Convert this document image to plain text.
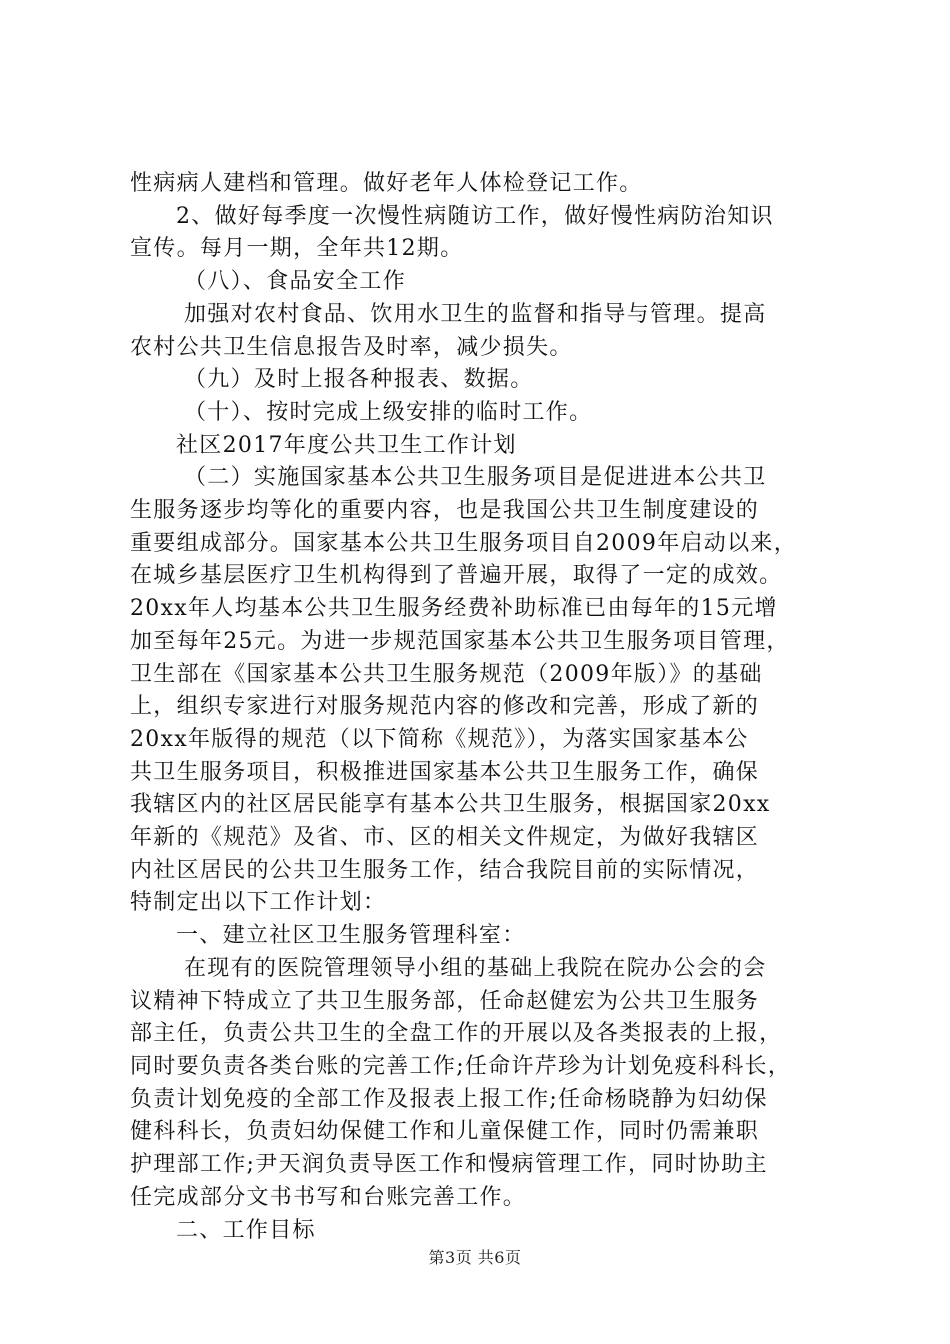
性病病人建档和管理。做好老年人体检登记工作。

2、做好每季度一次慢性病随访工作，做好慢性病防治知识

宣传。每月一期，全年共12期。

（八）、食品安全工作

加强对农村食品、饮用水卫生的监督和指导与管理。提高

农村公共卫生信息报告及时率，减少损失。

（九）及时上报各种报表、数据。

（十）、按时完成上级安排的临时工作。

社区2017年度公共卫生工作计划

（二）实施国家基本公共卫生服务项目是促进进本公共卫

生服务逐步均等化的重要内容，也是我国公共卫生制度建设的

重要组成部分。国家基本公共卫生服务项目自2009年启动以来，

在城乡基层医疗卫生机构得到了普遍开展，取得了一定的成效。

20xx年人均基本公共卫生服务经费补助标准已由每年的15元增

加至每年25元。为进一步规范国家基本公共卫生服务项目管理，

卫生部在《国家基本公共卫生服务规范（2009年版）》的基础

上，组织专家进行对服务规范内容的修改和完善，形成了新的

20xx年版得的规范（以下简称《规范》），为落实国家基本公

共卫生服务项目，积极推进国家基本公共卫生服务工作，确保

我辖区内的社区居民能享有基本公共卫生服务，根据国家20xx

年新的《规范》及省、市、区的相关文件规定，为做好我辖区

内社区居民的公共卫生服务工作，结合我院目前的实际情况，

特制定出以下工作计划：

一、建立社区卫生服务管理科室：

在现有的医院管理领导小组的基础上我院在院办公会的会

议精神下特成立了共卫生服务部，任命赵健宏为公共卫生服务

部主任，负责公共卫生的全盘工作的开展以及各类报表的上报，

同时要负责各类台账的完善工作;任命许芹珍为计划免疫科科长，

负责计划免疫的全部工作及报表上报工作;任命杨晓静为妇幼保

健科科长，负责妇幼保健工作和儿童保健工作，同时仍需兼职

护理部工作;尹天润负责导医工作和慢病管理工作，同时协助主

任完成部分文书书写和台账完善工作。

二、工作目标

第3页 共6页
